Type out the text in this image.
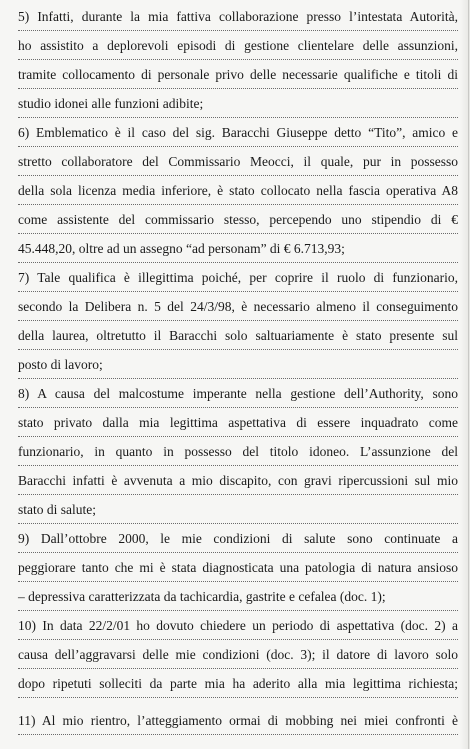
5) Infatti, durante la mia fattiva collaborazione presso l’intestata Autorità,
ho assistito a deplorevoli episodi di gestione clientelare delle assunzioni,
tramite collocamento di personale privo delle necessarie qualifiche e titoli di
studio idonei alle funzioni adibite;
6) Emblematico è il caso del sig. Baracchi Giuseppe detto “Tito”, amico e
stretto collaboratore del Commissario Meocci, il quale, pur in possesso
della sola licenza media inferiore, è stato collocato nella fascia operativa A8
come assistente del commissario stesso, percependo uno stipendio di €
45.448,20, oltre ad un assegno “ad personam” di € 6.713,93;
7) Tale qualifica è illegittima poiché, per coprire il ruolo di funzionario,
secondo la Delibera n. 5 del 24/3/98, è necessario almeno il conseguimento
della laurea, oltretutto il Baracchi solo saltuariamente è stato presente sul
posto di lavoro;
8) A causa del malcostume imperante nella gestione dell’Authority, sono
stato privato dalla mia legittima aspettativa di essere inquadrato come
funzionario, in quanto in possesso del titolo idoneo. L’assunzione del
Baracchi infatti è avvenuta a mio discapito, con gravi ripercussioni sul mio
stato di salute;
9) Dall’ottobre 2000, le mie condizioni di salute sono continuate a
peggiorare tanto che mi è stata diagnosticata una patologia di natura ansioso
– depressiva caratterizzata da tachicardia, gastrite e cefalea (doc. 1);
10) In data 22/2/01 ho dovuto chiedere un periodo di aspettativa (doc. 2) a
causa dell’aggravarsi delle mie condizioni (doc. 3); il datore di lavoro solo
dopo ripetuti solleciti da parte mia ha aderito alla mia legittima richiesta;
11) Al mio rientro, l’atteggiamento ormai di mobbing nei miei confronti è
